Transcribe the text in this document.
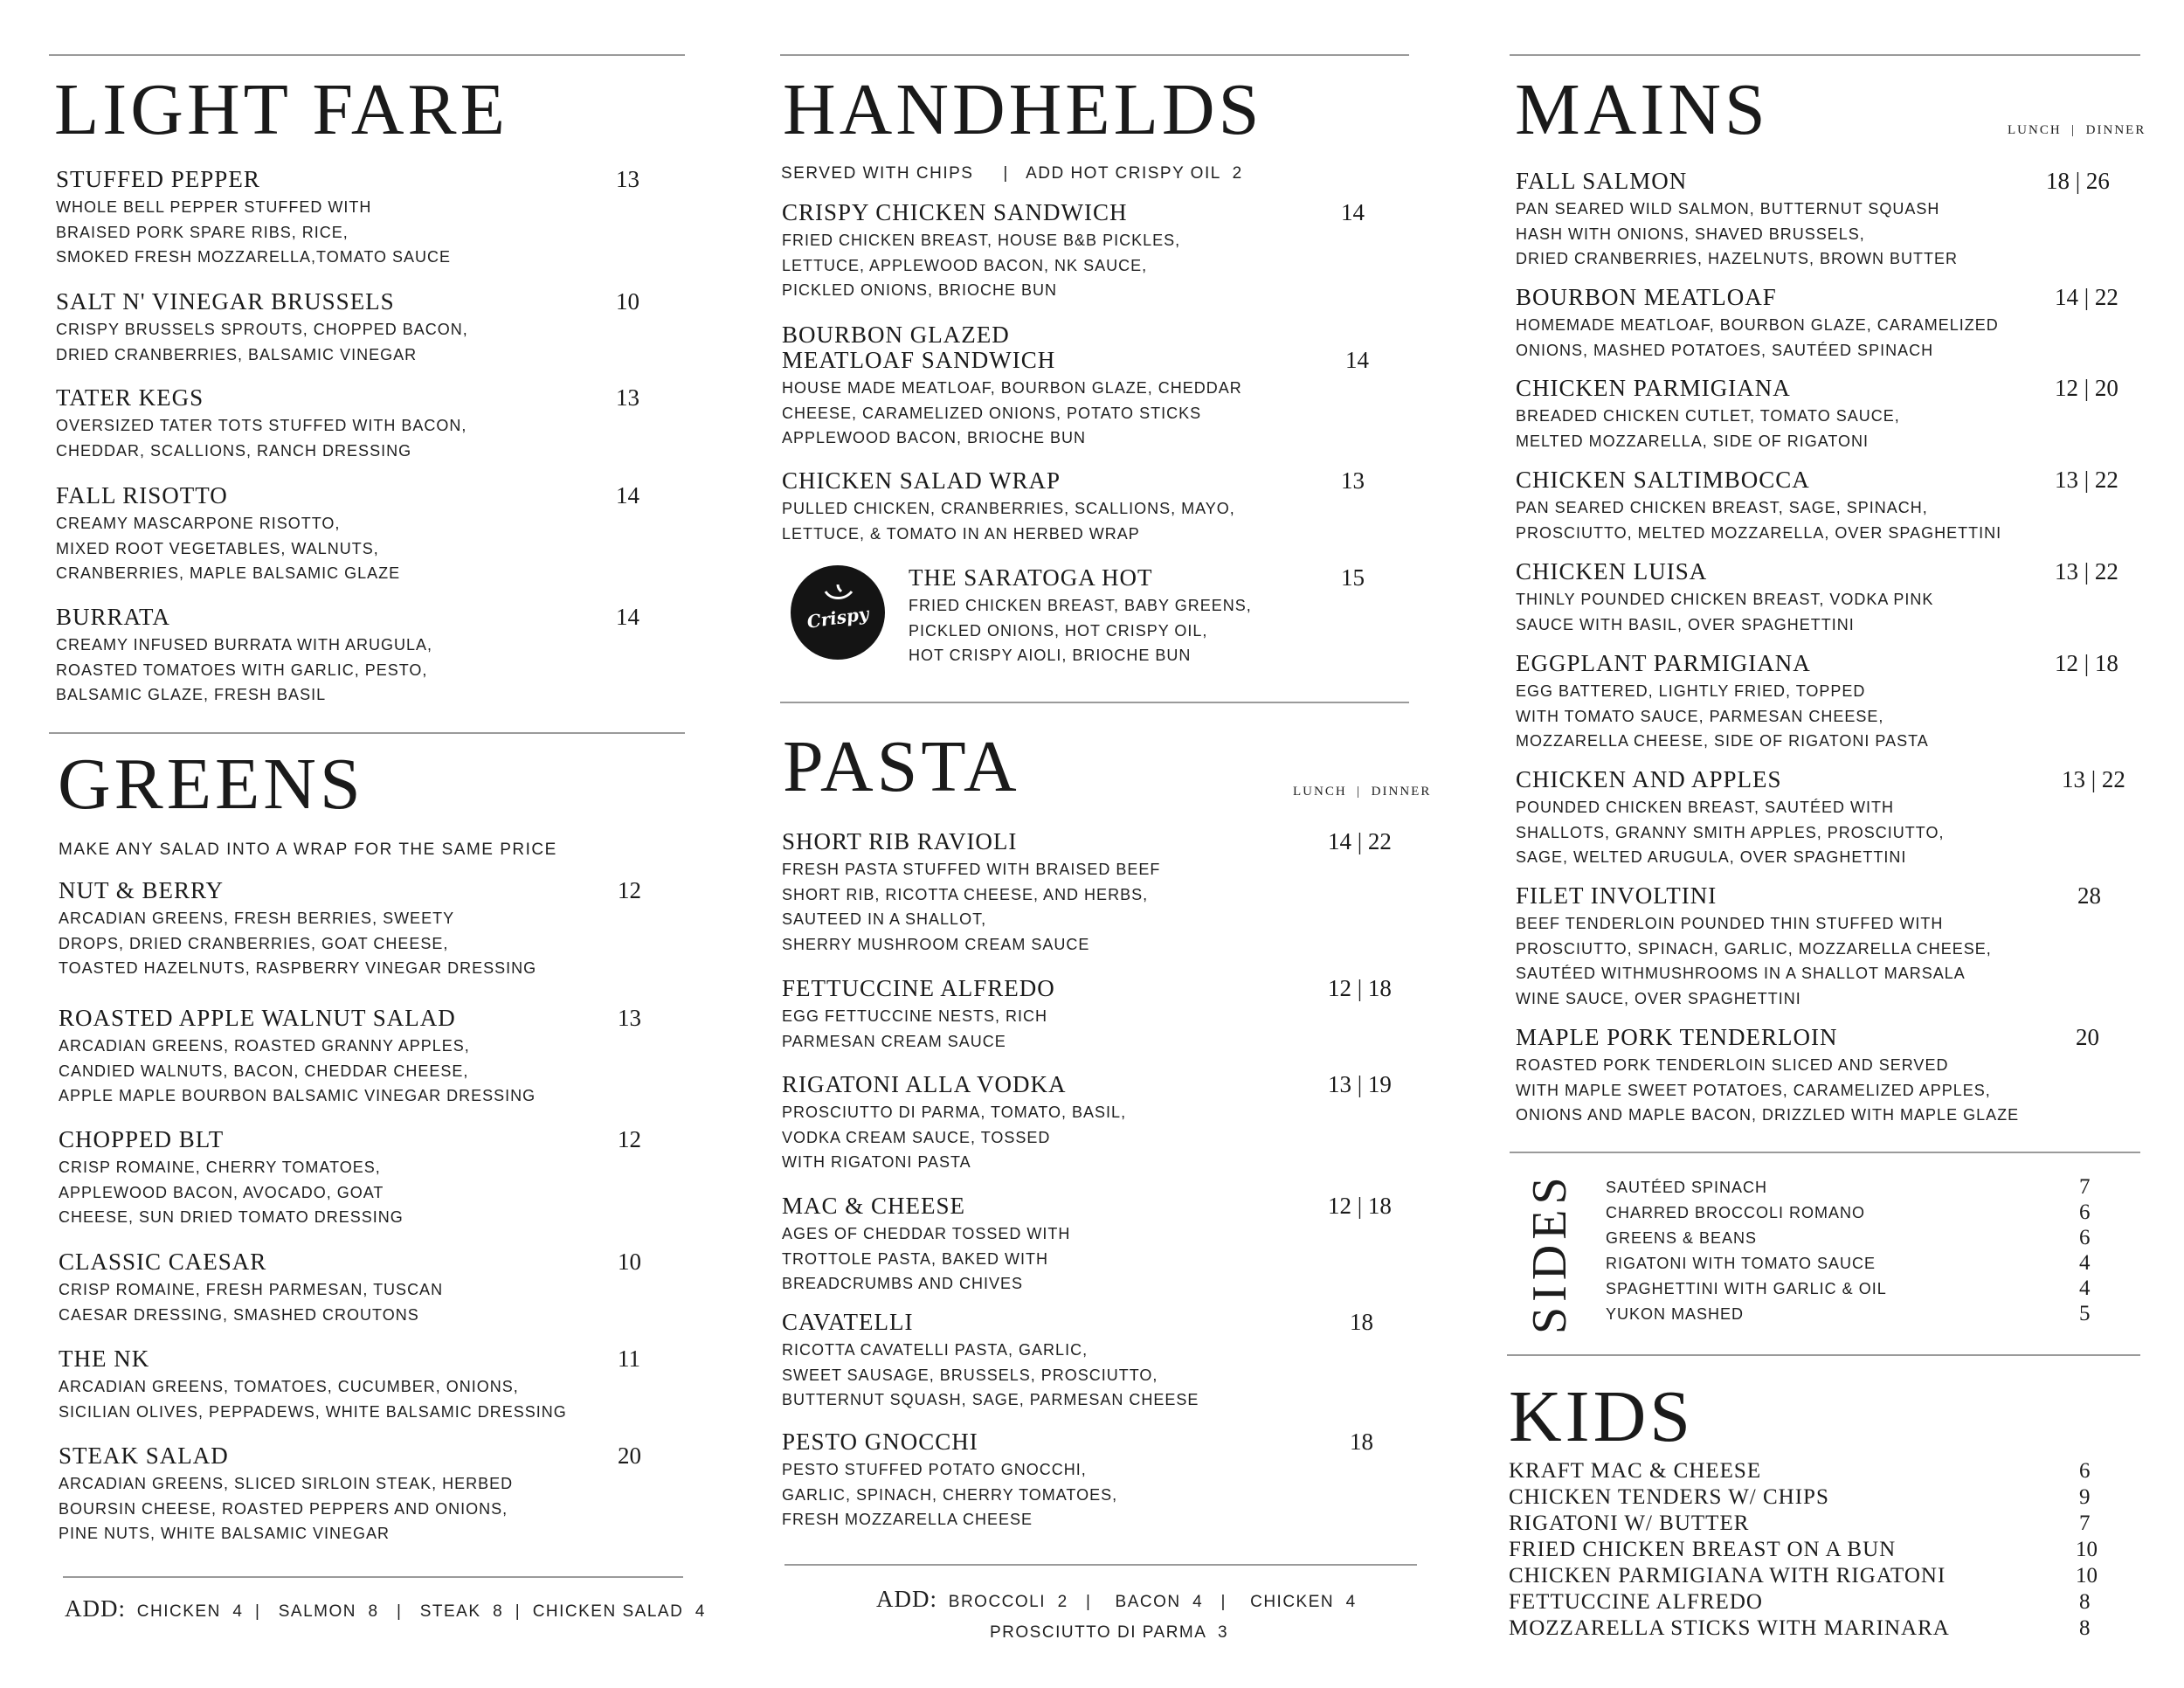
LIGHT FARE
STUFFED PEPPER
WHOLE BELL PEPPER STUFFED WITH
BRAISED PORK SPARE RIBS, RICE,
SMOKED FRESH MOZZARELLA,TOMATO SAUCE
13
SALT N' VINEGAR BRUSSELS
CRISPY BRUSSELS SPROUTS, CHOPPED BACON,
DRIED CRANBERRIES, BALSAMIC VINEGAR
10
TATER KEGS
OVERSIZED TATER TOTS STUFFED WITH BACON,
CHEDDAR, SCALLIONS, RANCH DRESSING
13
FALL RISOTTO
CREAMY MASCARPONE RISOTTO,
MIXED ROOT VEGETABLES, WALNUTS,
CRANBERRIES, MAPLE BALSAMIC GLAZE
14
BURRATA
CREAMY INFUSED BURRATA WITH ARUGULA,
ROASTED TOMATOES WITH GARLIC, PESTO,
BALSAMIC GLAZE, FRESH BASIL
14
GREENS
MAKE ANY SALAD INTO A WRAP FOR THE SAME PRICE
NUT & BERRY
ARCADIAN GREENS, FRESH BERRIES, SWEETY
DROPS, DRIED CRANBERRIES, GOAT CHEESE,
TOASTED HAZELNUTS, RASPBERRY VINEGAR DRESSING
12
ROASTED APPLE WALNUT SALAD
ARCADIAN GREENS, ROASTED GRANNY APPLES,
CANDIED WALNUTS, BACON, CHEDDAR CHEESE,
APPLE MAPLE BOURBON BALSAMIC VINEGAR DRESSING
13
CHOPPED BLT
CRISP ROMAINE, CHERRY TOMATOES,
APPLEWOOD BACON, AVOCADO, GOAT
CHEESE, SUN DRIED TOMATO DRESSING
12
CLASSIC CAESAR
CRISP ROMAINE, FRESH PARMESAN, TUSCAN
CAESAR DRESSING, SMASHED CROUTONS
10
THE NK
ARCADIAN GREENS, TOMATOES, CUCUMBER, ONIONS,
SICILIAN OLIVES, PEPPADEWS, WHITE BALSAMIC DRESSING
11
STEAK SALAD
ARCADIAN GREENS, SLICED SIRLOIN STEAK, HERBED
BOURSIN CHEESE, ROASTED PEPPERS AND ONIONS,
PINE NUTS, WHITE BALSAMIC VINEGAR
20
ADD: CHICKEN  4  |   SALMON  8   |   STEAK  8  |  CHICKEN SALAD  4
HANDHELDS
SERVED WITH CHIPS     |   ADD HOT CRISPY OIL  2
CRISPY CHICKEN SANDWICH
FRIED CHICKEN BREAST, HOUSE B&B PICKLES,
LETTUCE, APPLEWOOD BACON, NK SAUCE,
PICKLED ONIONS, BRIOCHE BUN
14
BOURBON GLAZED
MEATLOAF SANDWICH
HOUSE MADE MEATLOAF, BOURBON GLAZE, CHEDDAR
CHEESE, CARAMELIZED ONIONS, POTATO STICKS
APPLEWOOD BACON, BRIOCHE BUN
14
CHICKEN SALAD WRAP
PULLED CHICKEN, CRANBERRIES, SCALLIONS, MAYO,
LETTUCE, & TOMATO IN AN HERBED WRAP
13
Crispy
THE SARATOGA HOT
FRIED CHICKEN BREAST, BABY GREENS,
PICKLED ONIONS, HOT CRISPY OIL,
HOT CRISPY AIOLI, BRIOCHE BUN
15
PASTA	LUNCH  |  DINNER
SHORT RIB RAVIOLI
FRESH PASTA STUFFED WITH BRAISED BEEF
SHORT RIB, RICOTTA CHEESE, AND HERBS,
SAUTEED IN A SHALLOT,
SHERRY MUSHROOM CREAM SAUCE
14 | 22
FETTUCCINE ALFREDO
EGG FETTUCCINE NESTS, RICH
PARMESAN CREAM SAUCE
12 | 18
RIGATONI ALLA VODKA
PROSCIUTTO DI PARMA, TOMATO, BASIL,
VODKA CREAM SAUCE, TOSSED
WITH RIGATONI PASTA
13 | 19
MAC & CHEESE
AGES OF CHEDDAR TOSSED WITH
TROTTOLE PASTA, BAKED WITH
BREADCRUMBS AND CHIVES
12 | 18
CAVATELLI
RICOTTA CAVATELLI PASTA, GARLIC,
SWEET SAUSAGE, BRUSSELS, PROSCIUTTO,
BUTTERNUT SQUASH, SAGE, PARMESAN CHEESE
18
PESTO GNOCCHI
PESTO STUFFED POTATO GNOCCHI,
GARLIC, SPINACH, CHERRY TOMATOES,
FRESH MOZZARELLA CHEESE
18
ADD: BROCCOLI  2   |    BACON  4   |    CHICKEN  4
PROSCIUTTO DI PARMA  3
MAINS	LUNCH  |  DINNER
FALL SALMON
PAN SEARED WILD SALMON, BUTTERNUT SQUASH
HASH WITH ONIONS, SHAVED BRUSSELS,
DRIED CRANBERRIES, HAZELNUTS, BROWN BUTTER
18 | 26
BOURBON MEATLOAF
HOMEMADE MEATLOAF, BOURBON GLAZE, CARAMELIZED
ONIONS, MASHED POTATOES, SAUTÉED SPINACH
14 | 22
CHICKEN PARMIGIANA
BREADED CHICKEN CUTLET, TOMATO SAUCE,
MELTED MOZZARELLA, SIDE OF RIGATONI
12 | 20
CHICKEN SALTIMBOCCA
PAN SEARED CHICKEN BREAST, SAGE, SPINACH,
PROSCIUTTO, MELTED MOZZARELLA, OVER SPAGHETTINI
13 | 22
CHICKEN LUISA
THINLY POUNDED CHICKEN BREAST, VODKA PINK
SAUCE WITH BASIL, OVER SPAGHETTINI
13 | 22
EGGPLANT PARMIGIANA
EGG BATTERED, LIGHTLY FRIED, TOPPED
WITH TOMATO SAUCE, PARMESAN CHEESE,
MOZZARELLA CHEESE, SIDE OF RIGATONI PASTA
12 | 18
CHICKEN AND APPLES
POUNDED CHICKEN BREAST, SAUTÉED WITH
SHALLOTS, GRANNY SMITH APPLES, PROSCIUTTO,
SAGE, WELTED ARUGULA, OVER SPAGHETTINI
13 | 22
FILET INVOLTINI
BEEF TENDERLOIN POUNDED THIN STUFFED WITH
PROSCIUTTO, SPINACH, GARLIC, MOZZARELLA CHEESE,
SAUTÉED WITHMUSHROOMS IN A SHALLOT MARSALA
WINE SAUCE, OVER SPAGHETTINI
28
MAPLE PORK TENDERLOIN
ROASTED PORK TENDERLOIN SLICED AND SERVED
WITH MAPLE SWEET POTATOES, CARAMELIZED APPLES,
ONIONS AND MAPLE BACON, DRIZZLED WITH MAPLE GLAZE
20
SIDES SAUTÉED SPINACH	7
CHARRED BROCCOLI ROMANO	6
GREENS & BEANS	6
RIGATONI WITH TOMATO SAUCE	4
SPAGHETTINI WITH GARLIC & OIL	4
YUKON MASHED	5
KIDS
KRAFT MAC & CHEESE	6
CHICKEN TENDERS W/ CHIPS	9
RIGATONI W/ BUTTER	7
FRIED CHICKEN BREAST ON A BUN	10
CHICKEN PARMIGIANA WITH RIGATONI	10
FETTUCCINE ALFREDO	8
MOZZARELLA STICKS WITH MARINARA	8
